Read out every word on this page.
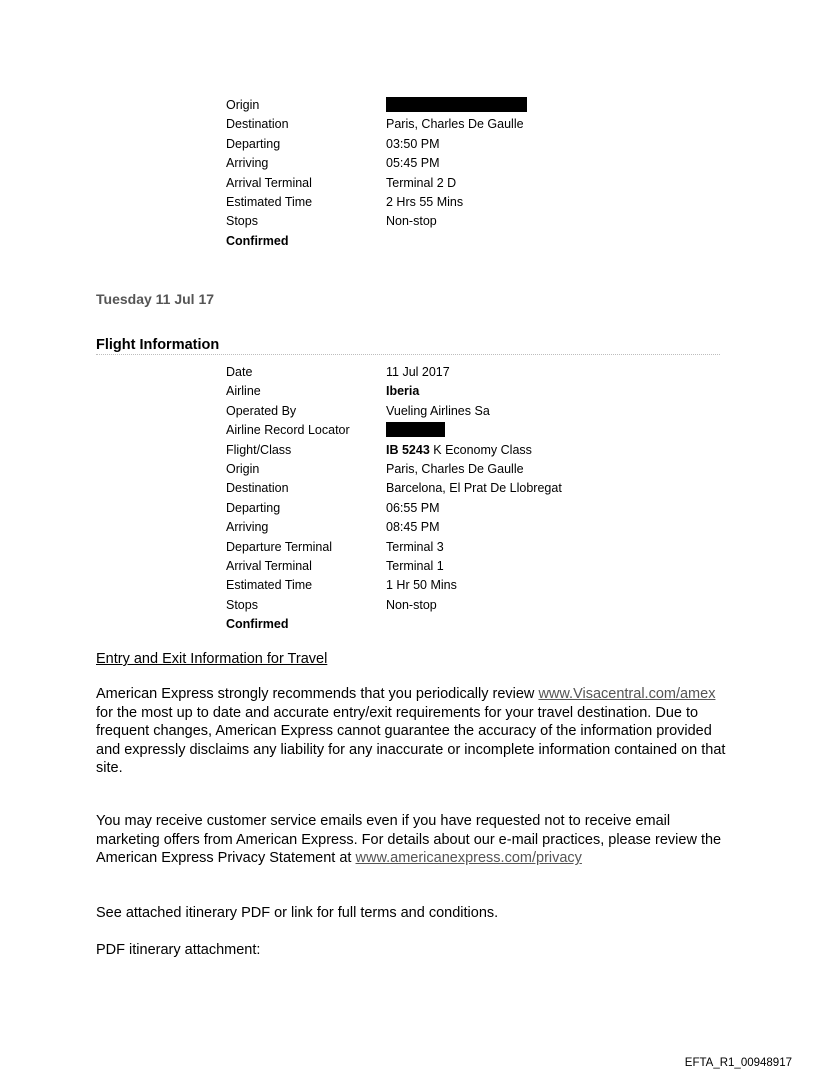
Origin
Destination	Paris, Charles De Gaulle
Departing	03:50 PM
Arriving	05:45 PM
Arrival Terminal	Terminal 2 D
Estimated Time	2 Hrs 55 Mins
Stops	Non-stop
Confirmed
Tuesday 11 Jul 17
Flight Information
Date	11 Jul 2017
Airline	Iberia
Operated By	Vueling Airlines Sa
Airline Record Locator
Flight/Class	IB 5243 K Economy Class
Origin	Paris, Charles De Gaulle
Destination	Barcelona, El Prat De Llobregat
Departing	06:55 PM
Arriving	08:45 PM
Departure Terminal	Terminal 3
Arrival Terminal	Terminal 1
Estimated Time	1 Hr 50 Mins
Stops	Non-stop
Confirmed
Entry and Exit Information for Travel
American Express strongly recommends that you periodically review www.Visacentral.com/amex for the most up to date and accurate entry/exit requirements for your travel destination. Due to frequent changes, American Express cannot guarantee the accuracy of the information provided and expressly disclaims any liability for any inaccurate or incomplete information contained on that site.
You may receive customer service emails even if you have requested not to receive email marketing offers from American Express. For details about our e-mail practices, please review the American Express Privacy Statement at www.americanexpress.com/privacy
See attached itinerary PDF or link for full terms and conditions.
PDF itinerary attachment:
EFTA_R1_00948917
